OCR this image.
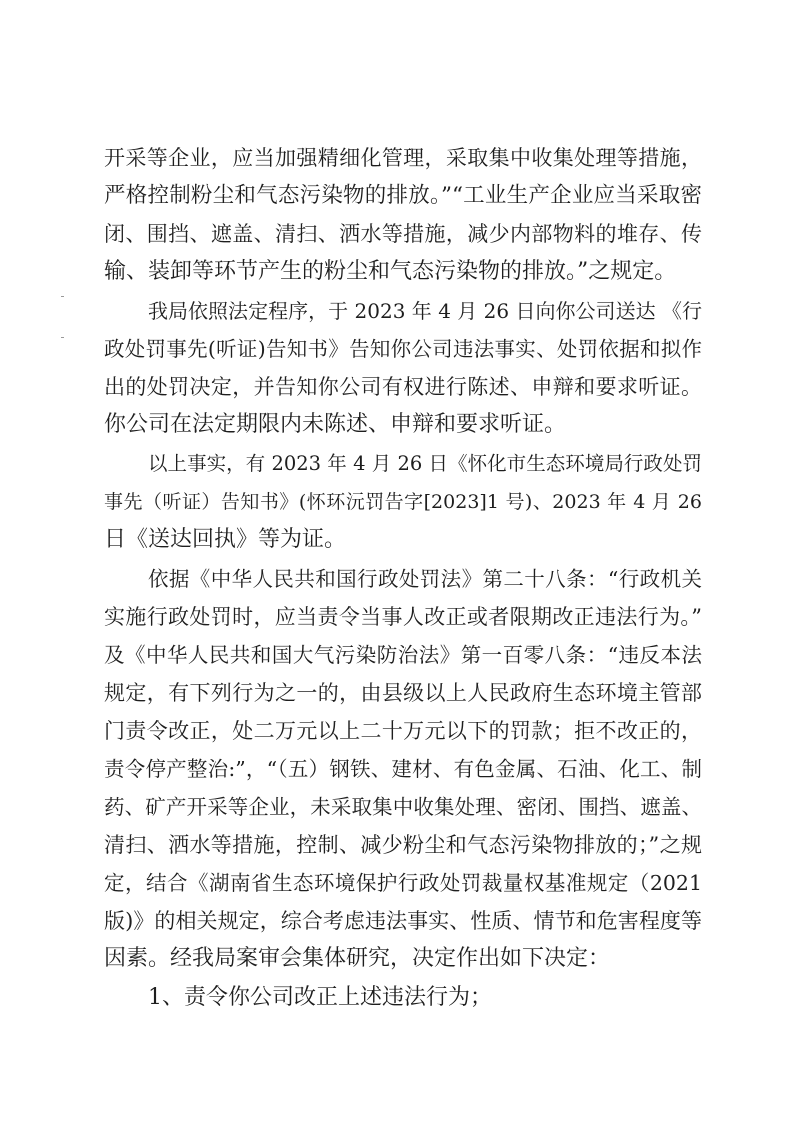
开采等企业，应当加强精细化管理，采取集中收集处理等措施，
严格控制粉尘和气态污染物的排放。”“工业生产企业应当采取密
闭、围挡、遮盖、清扫、洒水等措施，减少内部物料的堆存、传
输、装卸等环节产生的粉尘和气态污染物的排放。”之规定。
我局依照法定程序，于 2023 年 4 月 26 日向你公司送达 《行
政处罚事先(听证)告知书》告知你公司违法事实、处罚依据和拟作
出的处罚决定，并告知你公司有权进行陈述、申辩和要求听证。
你公司在法定期限内未陈述、申辩和要求听证。
以上事实，有 2023 年 4 月 26 日《怀化市生态环境局行政处罚
事先（听证）告知书》(怀环沅罚告字[2023]1 号)、2023 年 4 月 26
日《送达回执》等为证。
依据《中华人民共和国行政处罚法》第二十八条：“行政机关
实施行政处罚时，应当责令当事人改正或者限期改正违法行为。”
及《中华人民共和国大气污染防治法》第一百零八条：“违反本法
规定，有下列行为之一的，由县级以上人民政府生态环境主管部
门责令改正，处二万元以上二十万元以下的罚款；拒不改正的，
责令停产整治:”，“（五）钢铁、建材、有色金属、石油、化工、制
药、矿产开采等企业，未采取集中收集处理、密闭、围挡、遮盖、
清扫、洒水等措施，控制、减少粉尘和气态污染物排放的；”之规
定，结合《湖南省生态环境保护行政处罚裁量权基准规定（2021
版)》的相关规定，综合考虑违法事实、性质、情节和危害程度等
因素。经我局案审会集体研究，决定作出如下决定：
1、责令你公司改正上述违法行为；
